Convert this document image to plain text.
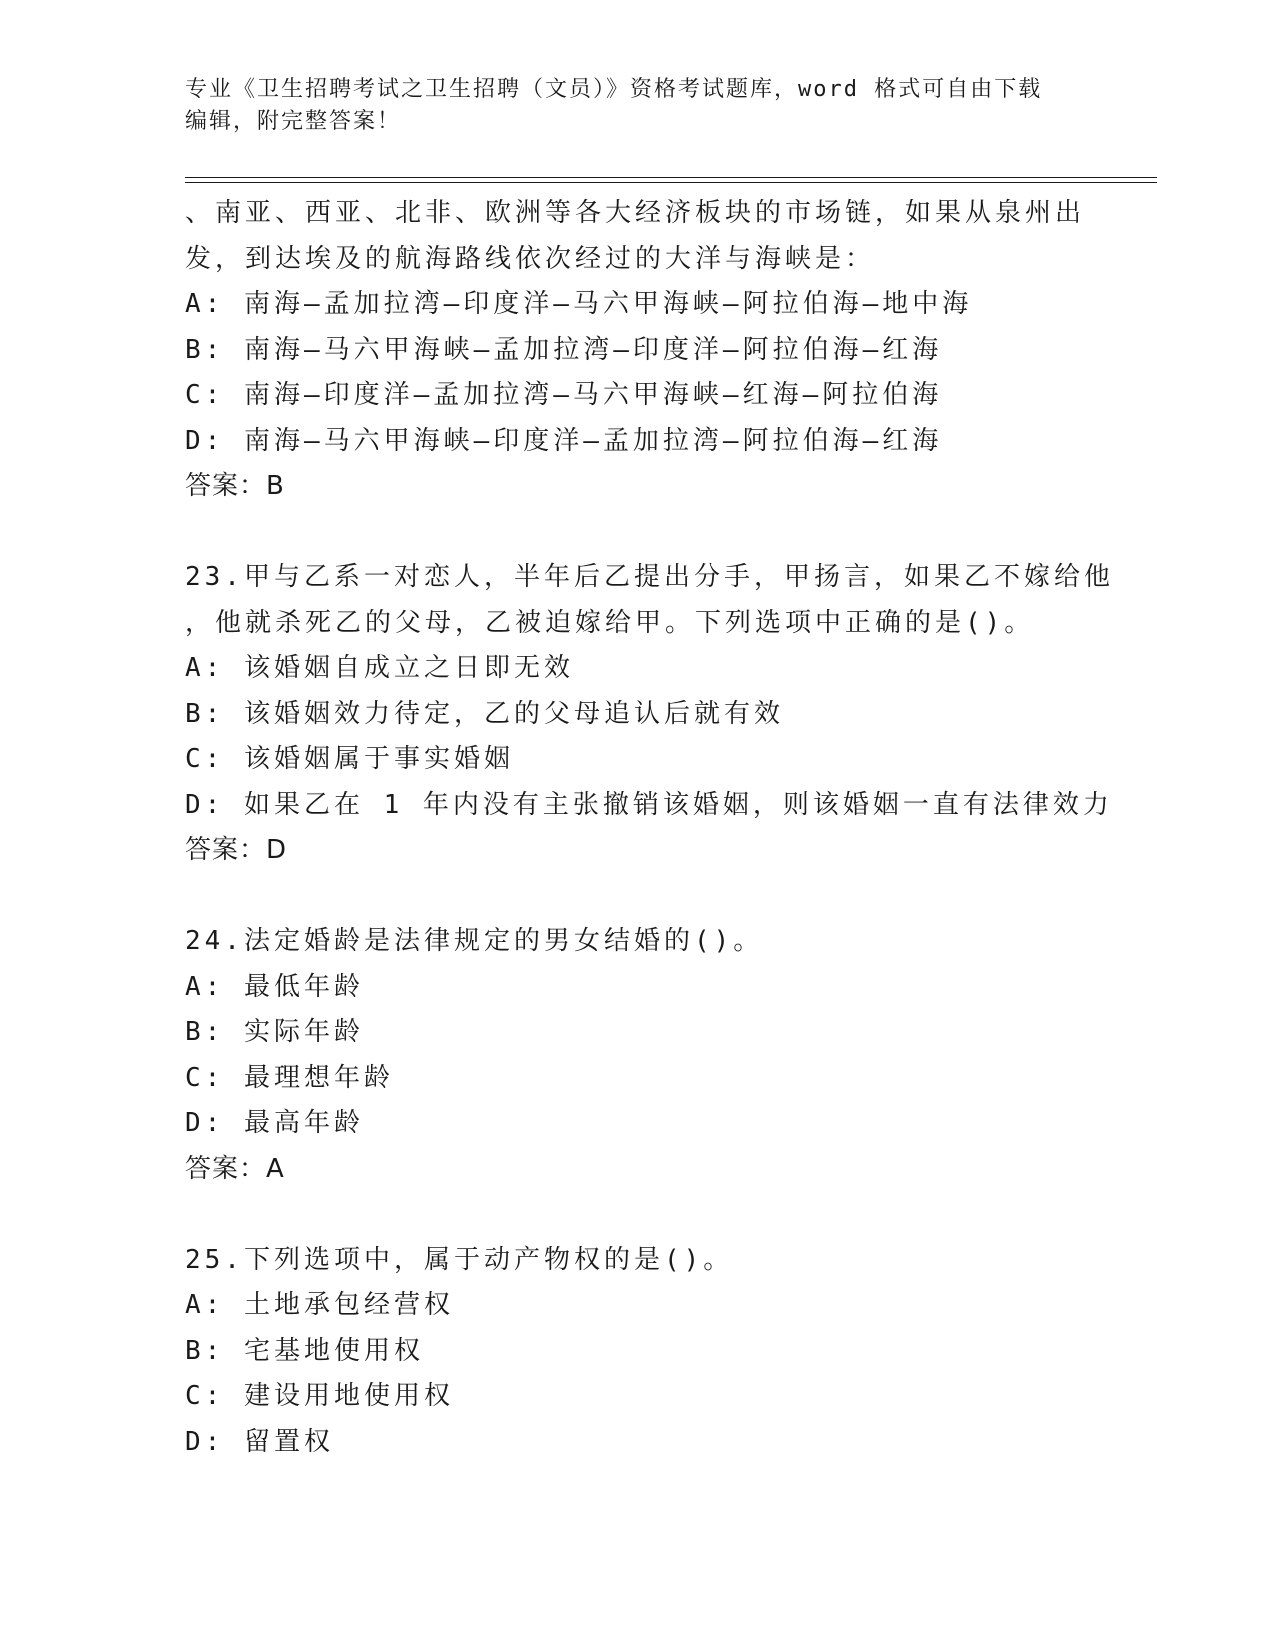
专业《卫生招聘考试之卫生招聘（文员）》资格考试题库，word 格式可自由下载
编辑，附完整答案！
、南亚、西亚、北非、欧洲等各大经济板块的市场链，如果从泉州出
发，到达埃及的航海路线依次经过的大洋与海峡是：
A: 南海—孟加拉湾—印度洋—马六甲海峡—阿拉伯海—地中海
B: 南海—马六甲海峡—孟加拉湾—印度洋—阿拉伯海—红海
C: 南海—印度洋—孟加拉湾—马六甲海峡—红海—阿拉伯海
D: 南海—马六甲海峡—印度洋—孟加拉湾—阿拉伯海—红海
答案：B
23.甲与乙系一对恋人，半年后乙提出分手，甲扬言，如果乙不嫁给他
，他就杀死乙的父母，乙被迫嫁给甲。下列选项中正确的是()。
A: 该婚姻自成立之日即无效
B: 该婚姻效力待定，乙的父母追认后就有效
C: 该婚姻属于事实婚姻
D: 如果乙在 1 年内没有主张撤销该婚姻，则该婚姻一直有法律效力
答案：D
24.法定婚龄是法律规定的男女结婚的()。
A: 最低年龄
B: 实际年龄
C: 最理想年龄
D: 最高年龄
答案：A
25.下列选项中，属于动产物权的是()。
A: 土地承包经营权
B: 宅基地使用权
C: 建设用地使用权
D: 留置权
